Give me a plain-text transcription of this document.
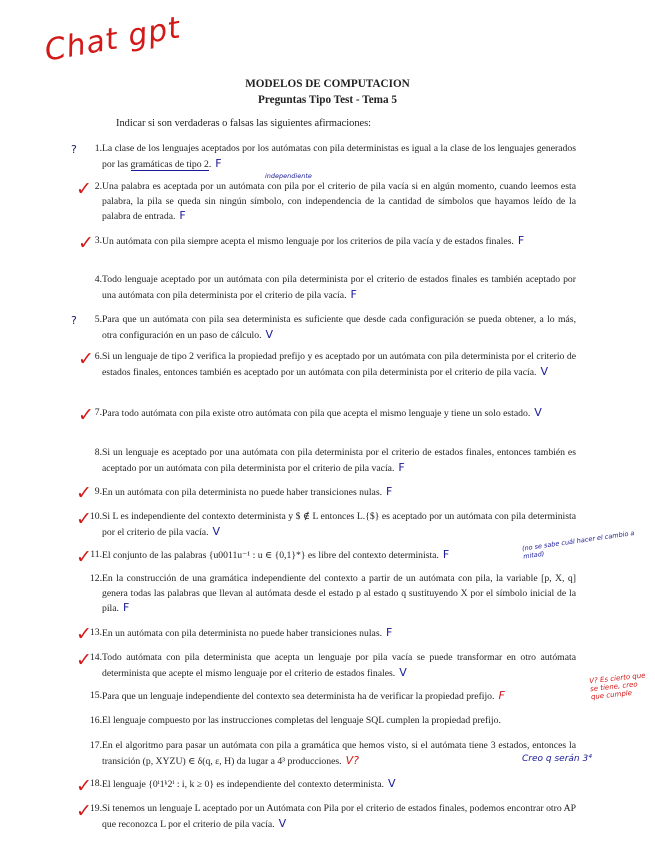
Chat gpt
MODELOS DE COMPUTACION
Preguntas Tipo Test - Tema 5
Indicar si son verdaderas o falsas las siguientes afirmaciones:
1. La clase de los lenguajes aceptados por los autómatas con pila deterministas es igual a la clase de los lenguajes generados por las gramáticas de tipo 2. F
independiente
2. Una palabra es aceptada por un autómata con pila por el criterio de pila vacía si en algún momento, cuando leemos esta palabra, la pila se queda sin ningún símbolo, con independencia de la cantidad de símbolos que hayamos leído de la palabra de entrada. F
3. Un autómata con pila siempre acepta el mismo lenguaje por los criterios de pila vacía y de estados finales. F
4. Todo lenguaje aceptado por un autómata con pila determinista por el criterio de estados finales es también aceptado por una autómata con pila determinista por el criterio de pila vacía. F
5. Para que un autómata con pila sea determinista es suficiente que desde cada configuración se pueda obtener, a lo más, otra configuración en un paso de cálculo. V
6. Si un lenguaje de tipo 2 verifica la propiedad prefijo y es aceptado por un autómata con pila determinista por el criterio de estados finales, entonces también es aceptado por un autómata con pila determinista por el criterio de pila vacía. V
7. Para todo autómata con pila existe otro autómata con pila que acepta el mismo lenguaje y tiene un solo estado. V
8. Si un lenguaje es aceptado por una autómata con pila determinista por el criterio de estados finales, entonces también es aceptado por un autómata con pila determinista por el criterio de pila vacía. F
9. En un autómata con pila determinista no puede haber transiciones nulas. F
10. Si L es independiente del contexto determinista y $ ∉ L entonces L.{$} es aceptado por un autómata con pila determinista por el criterio de pila vacía. V
11. El conjunto de las palabras {u0011u⁻¹ : u ∈ {0,1}*} es libre del contexto determinista. F
(no se sabe cuál hacer el cambio a mitad)
12. En la construcción de una gramática independiente del contexto a partir de un autómata con pila, la variable [p, X, q] genera todas las palabras que llevan al autómata desde el estado p al estado q sustituyendo X por el símbolo inicial de la pila. F
13. En un autómata con pila determinista no puede haber transiciones nulas. F
14. Todo autómata con pila determinista que acepta un lenguaje por pila vacía se puede transformar en otro autómata determinista que acepte el mismo lenguaje por el criterio de estados finales. V
15. Para que un lenguaje independiente del contexto sea determinista ha de verificar la propiedad prefijo. F
V? Es cierto que se tiene, creo que cumple
16. El lenguaje compuesto por las instrucciones completas del lenguaje SQL cumplen la propiedad prefijo.
17. En el algoritmo para pasar un autómata con pila a gramática que hemos visto, si el autómata tiene 3 estados, entonces la transición (p, XYZU) ∈ δ(q, ε, H) da lugar a 4³ producciones. V?	Creo q serán 3⁴
18. El lenguaje {0ⁱ1ᵏ2ⁱ : i, k ≥ 0} es independiente del contexto determinista. V
19. Si tenemos un lenguaje L aceptado por un Autómata con Pila por el criterio de estados finales, podemos encontrar otro AP que reconozca L por el criterio de pila vacía. V
?
?
✓
✓
✓
✓
✓
✓
✓
✓
✓
✓
✓
